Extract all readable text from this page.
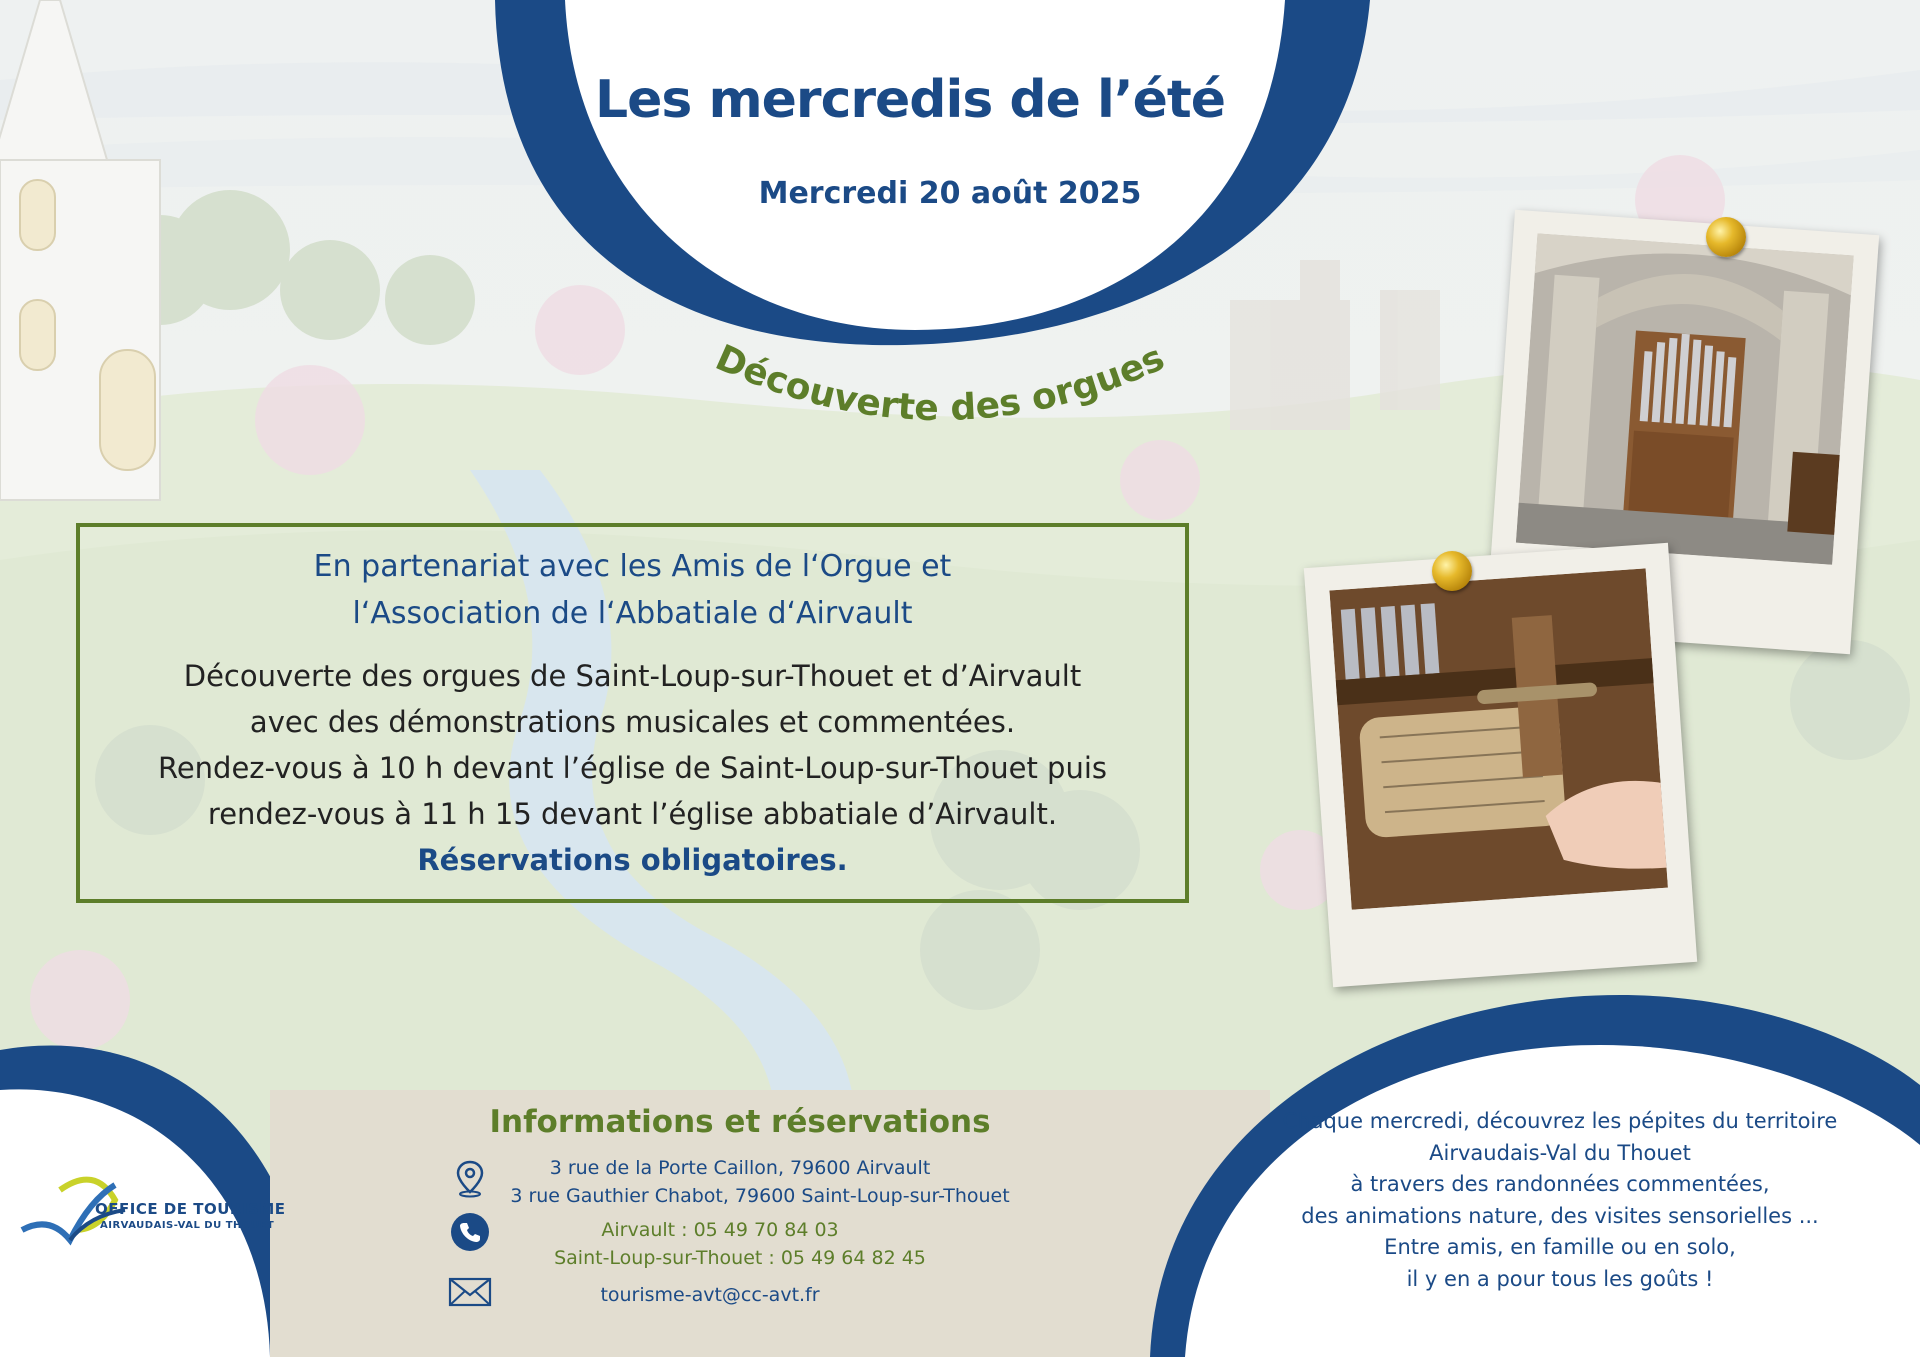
Les mercredis de l’été
Mercredi 20 août 2025
Découverte des orgues
En partenariat avec les Amis de l‘Orgue et
l‘Association de l‘Abbatiale d‘Airvault

Découverte des orgues de Saint-Loup-sur-Thouet et d’Airvault

avec des démonstrations musicales et commentées.

Rendez-vous à 10 h devant l’église de Saint-Loup-sur-Thouet puis

rendez-vous à 11 h 15 devant l’église abbatiale d’Airvault.

Réservations obligatoires.
Informations et réservations
3 rue de la Porte Caillon, 79600 Airvault
3 rue Gauthier Chabot, 79600 Saint-Loup-sur-Thouet
Airvault : 05 49 70 84 03
Saint-Loup-sur-Thouet : 05 49 64 82 45
tourisme-avt@cc-avt.fr
OFFICE DE TOURISME
AIRVAUDAIS-VAL DU THOUET
Chaque mercredi, découvrez les pépites du territoire
Airvaudais-Val du Thouet
à travers des randonnées commentées,
des animations nature, des visites sensorielles ...
Entre amis, en famille ou en solo,
il y en a pour tous les goûts !
